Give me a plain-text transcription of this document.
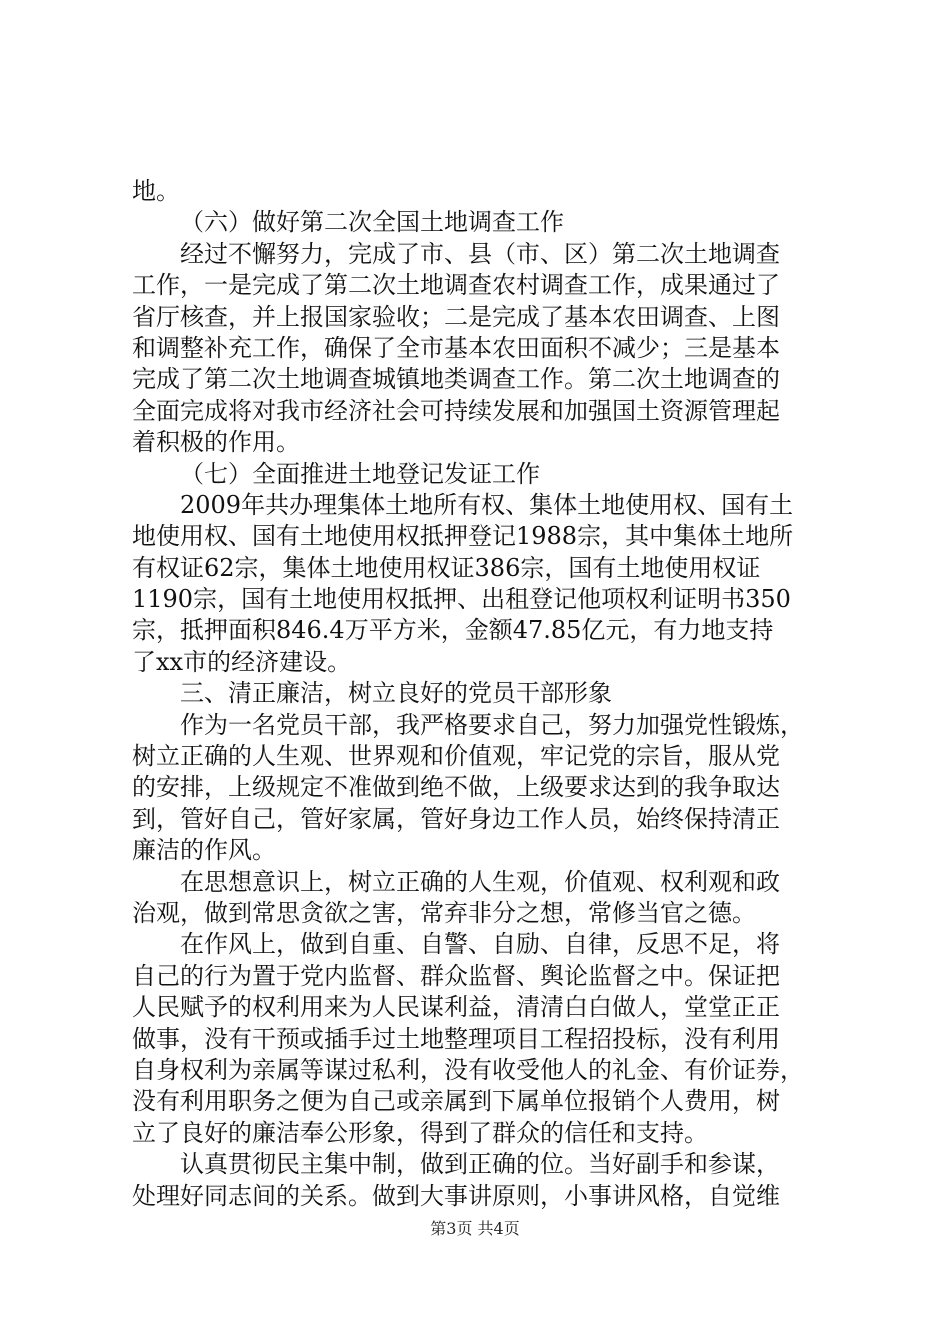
地。
（六）做好第二次全国土地调查工作
经过不懈努力，完成了市、县（市、区）第二次土地调查
工作，一是完成了第二次土地调查农村调查工作，成果通过了
省厅核查，并上报国家验收；二是完成了基本农田调查、上图
和调整补充工作，确保了全市基本农田面积不减少；三是基本
完成了第二次土地调查城镇地类调查工作。第二次土地调查的
全面完成将对我市经济社会可持续发展和加强国土资源管理起
着积极的作用。
（七）全面推进土地登记发证工作
2009年共办理集体土地所有权、集体土地使用权、国有土
地使用权、国有土地使用权抵押登记1988宗，其中集体土地所
有权证62宗，集体土地使用权证386宗，国有土地使用权证
1190宗，国有土地使用权抵押、出租登记他项权利证明书350
宗，抵押面积846.4万平方米，金额47.85亿元，有力地支持
了xx市的经济建设。
三、清正廉洁，树立良好的党员干部形象
作为一名党员干部，我严格要求自己，努力加强党性锻炼，
树立正确的人生观、世界观和价值观，牢记党的宗旨，服从党
的安排，上级规定不准做到绝不做，上级要求达到的我争取达
到，管好自己，管好家属，管好身边工作人员，始终保持清正
廉洁的作风。
在思想意识上，树立正确的人生观，价值观、权利观和政
治观，做到常思贪欲之害，常弃非分之想，常修当官之德。
在作风上，做到自重、自警、自励、自律，反思不足，将
自己的行为置于党内监督、群众监督、舆论监督之中。保证把
人民赋予的权利用来为人民谋利益，清清白白做人，堂堂正正
做事，没有干预或插手过土地整理项目工程招投标，没有利用
自身权利为亲属等谋过私利，没有收受他人的礼金、有价证券，
没有利用职务之便为自己或亲属到下属单位报销个人费用，树
立了良好的廉洁奉公形象，得到了群众的信任和支持。
认真贯彻民主集中制，做到正确的位。当好副手和参谋，
处理好同志间的关系。做到大事讲原则，小事讲风格，自觉维
第3页 共4页
